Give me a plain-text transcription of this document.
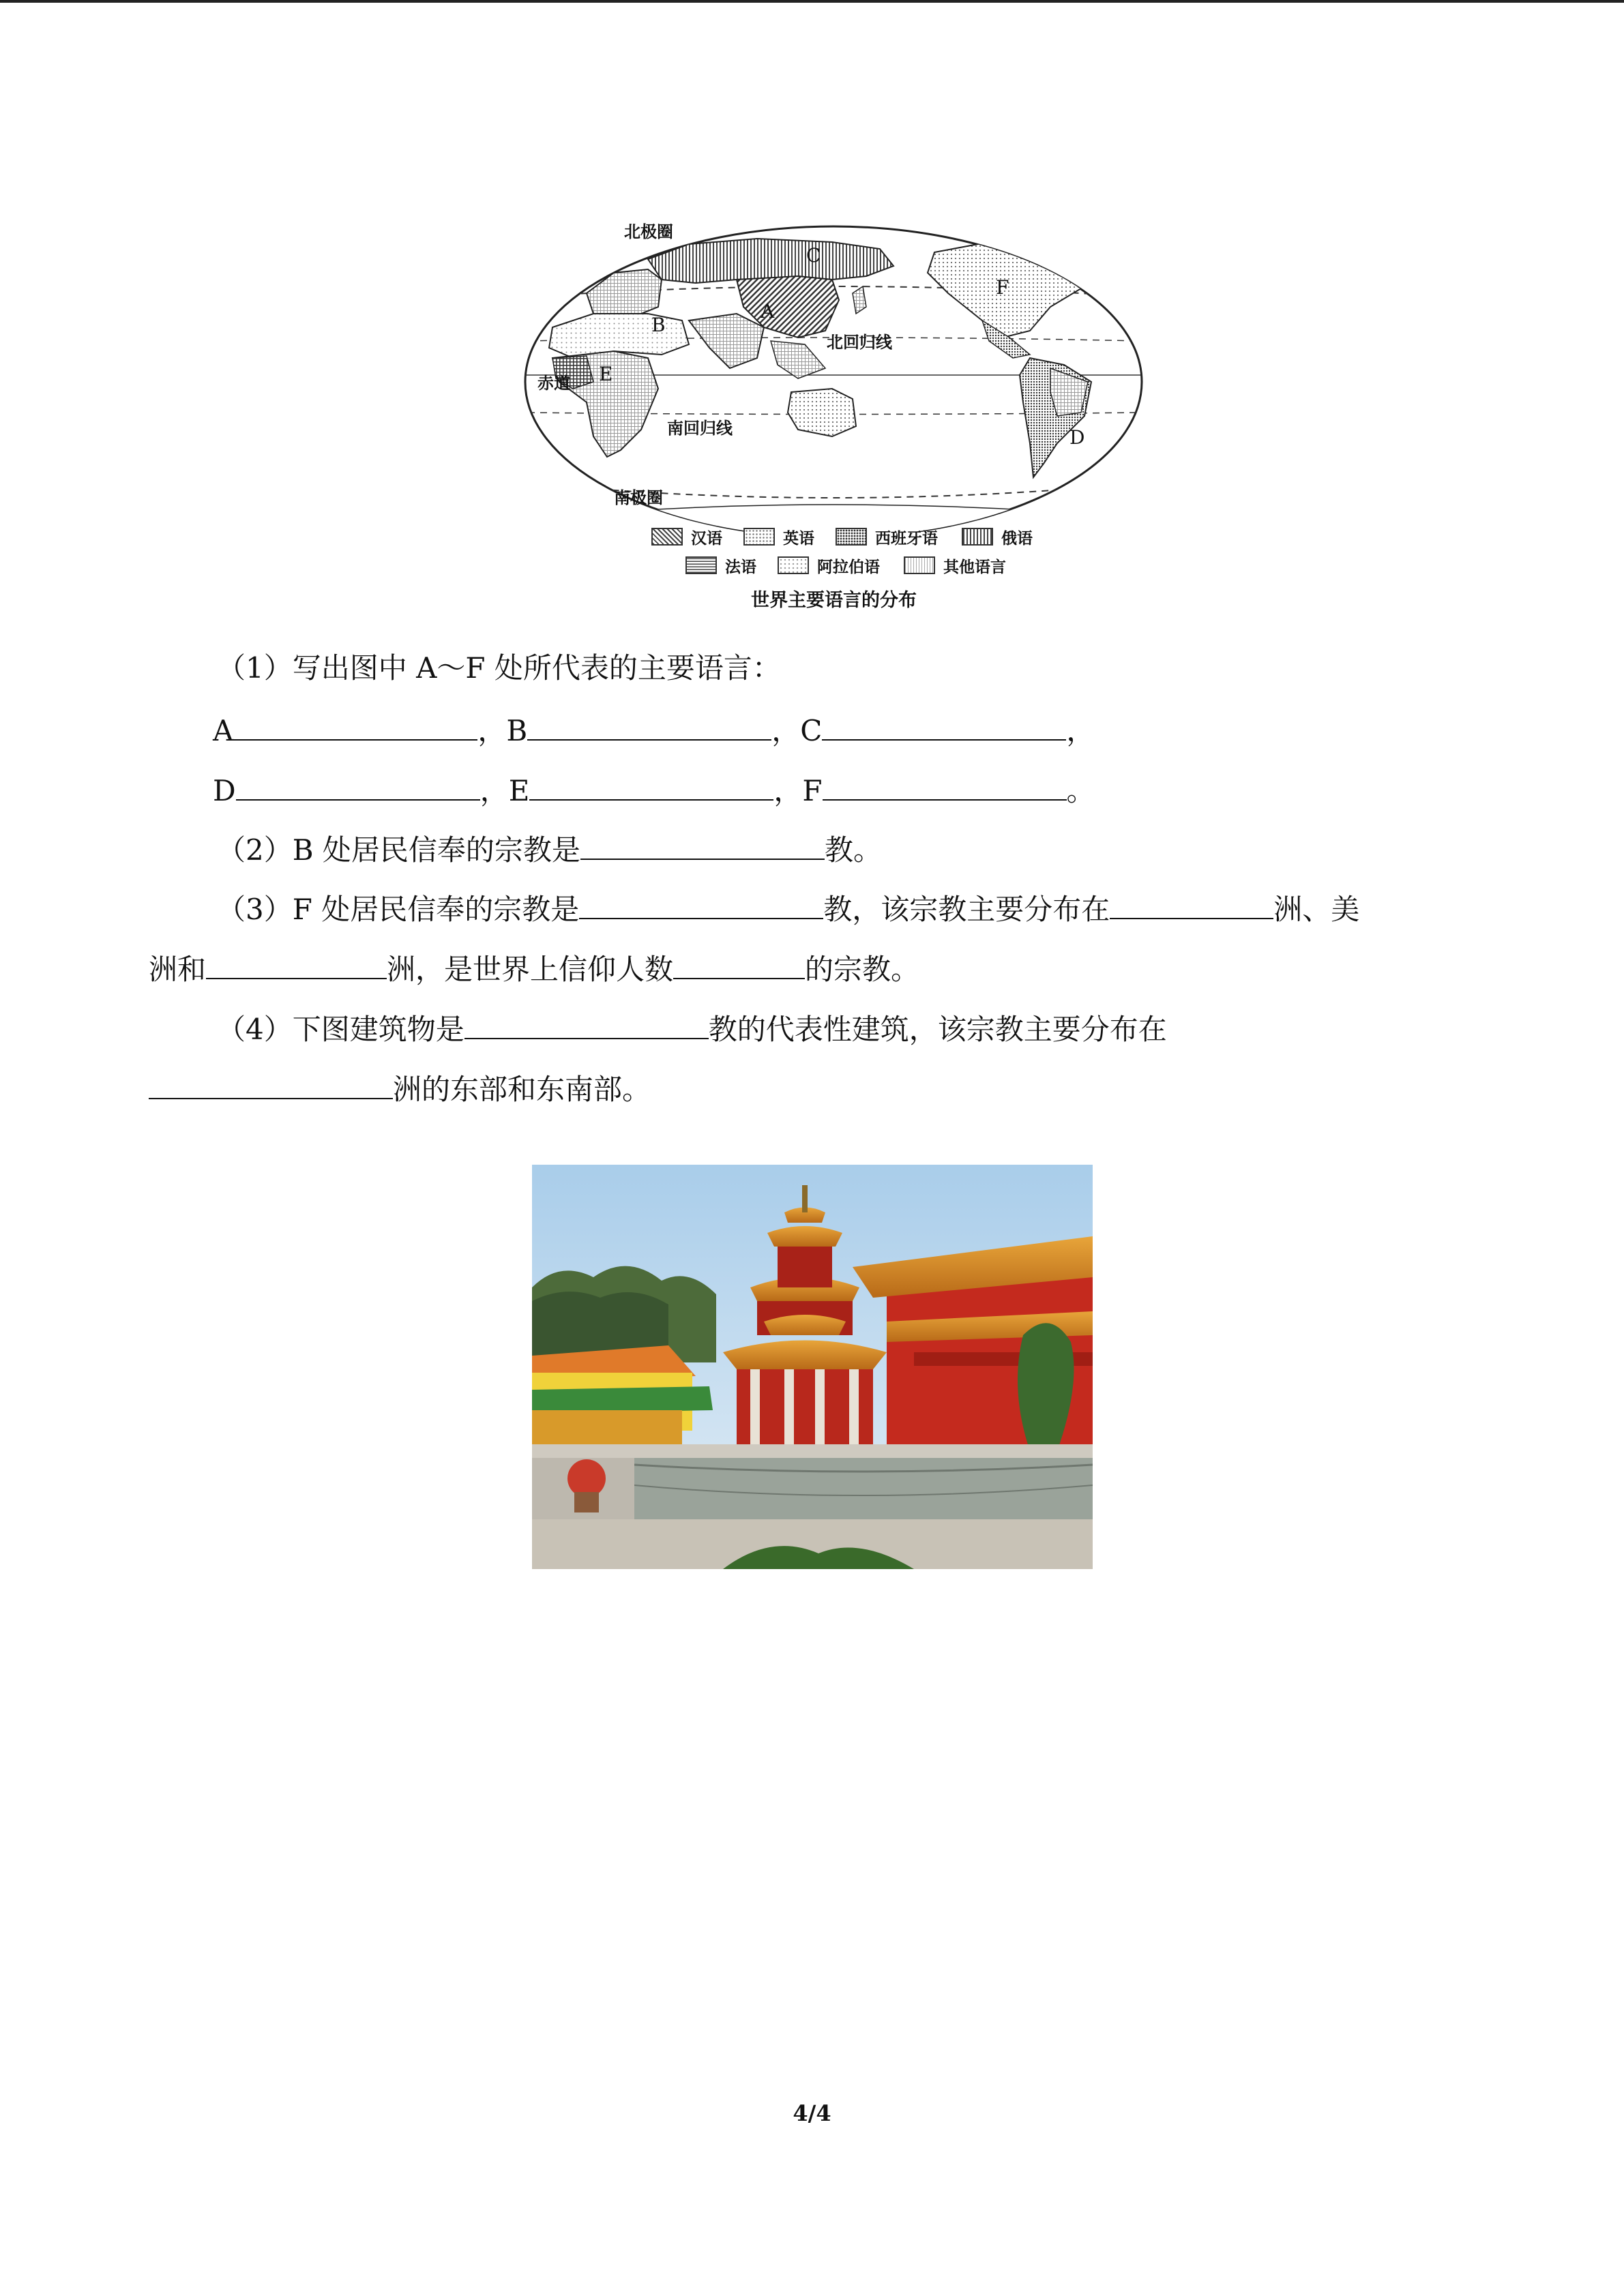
北极圈
北回归线
赤道
南回归线
南极圈
A
B
C
D
E
F
汉语	英语	西班牙语	俄语
法语	阿拉伯语	其他语言
世界主要语言的分布
（1）写出图中 A～F 处所代表的主要语言：
A	，B	，C	，
D	，E	，F	。
（2）B 处居民信奉的宗教是	教。
（3）F 处居民信奉的宗教是	教，该宗教主要分布在	洲、美
洲和	洲，是世界上信仰人数	的宗教。
（4）下图建筑物是	教的代表性建筑，该宗教主要分布在
洲的东部和东南部。
4/4
